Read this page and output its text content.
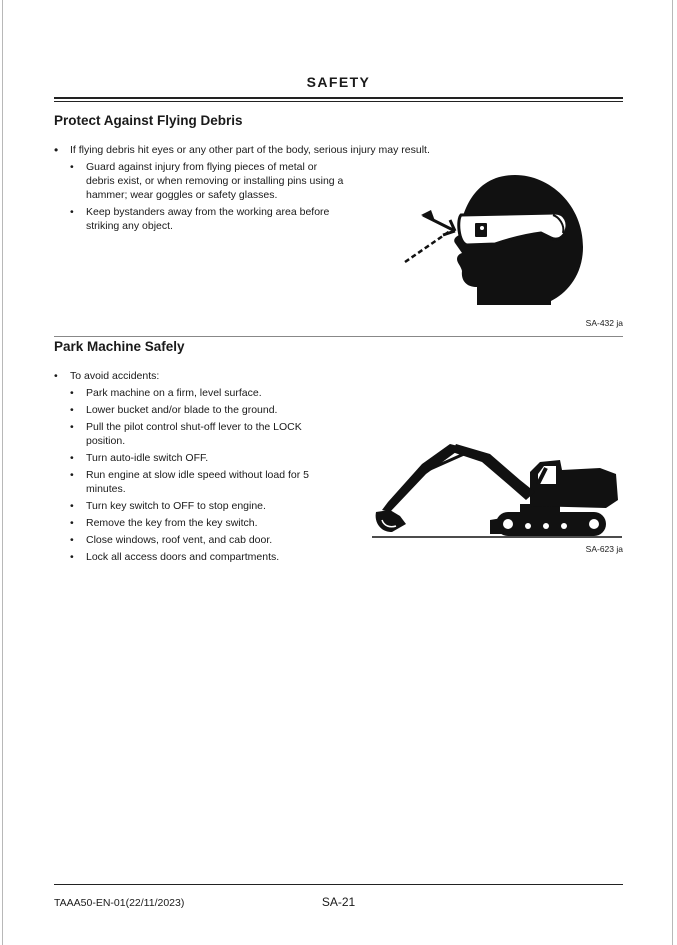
SAFETY
Protect Against Flying Debris
• If flying debris hit eyes or any other part of the body, serious injury may result.
• Guard against injury from flying pieces of metal or debris exist, or when removing or installing pins using a hammer; wear goggles or safety glasses.
• Keep bystanders away from the working area before striking any object.
SA-432 ja
Park Machine Safely
• To avoid accidents:
• Park machine on a firm, level surface.
• Lower bucket and/or blade to the ground.
• Pull the pilot control shut-off lever to the LOCK position.
• Turn auto-idle switch OFF.
• Run engine at slow idle speed without load for 5 minutes.
• Turn key switch to OFF to stop engine.
• Remove the key from the key switch.
• Close windows, roof vent, and cab door.
• Lock all access doors and compartments.
SA-623 ja
TAAA50-EN-01(22/11/2023)	SA-21
